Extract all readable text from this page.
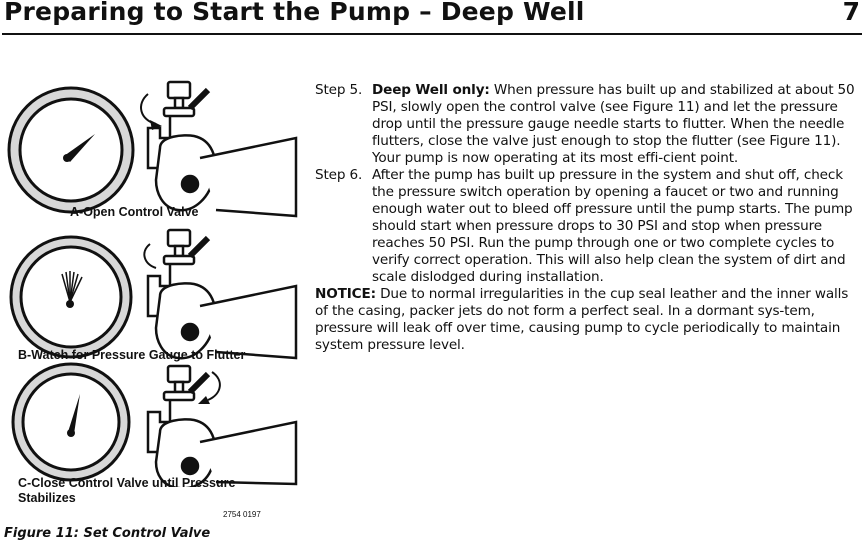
Preparing to Start the Pump – Deep Well	7
A-Open Control Valve
B-Watch for Pressure Gauge to Flutter
C-Close Control Valve until Pressure Stabilizes
2754 0197
Figure 11: Set Control Valve
Step 5. Deep Well only: When pressure has built up and stabilized at about 50 PSI, slowly open the control valve (see Figure 11) and let the pressure drop until the pressure gauge needle starts to flutter. When the needle flutters, close the valve just enough to stop the flutter (see Figure 11). Your pump is now operating at its most effi-cient point.
Step 6. After the pump has built up pressure in the system and shut off, check the pressure switch operation by opening a faucet or two and running enough water out to bleed off pressure until the pump starts. The pump should start when pressure drops to 30 PSI and stop when pressure reaches 50 PSI. Run the pump through one or two complete cycles to verify correct operation. This will also help clean the system of dirt and scale dislodged during installation.
NOTICE: Due to normal irregularities in the cup seal leather and the inner walls of the casing, packer jets do not form a perfect seal. In a dormant sys-tem, pressure will leak off over time, causing pump to cycle periodically to maintain system pressure level.
